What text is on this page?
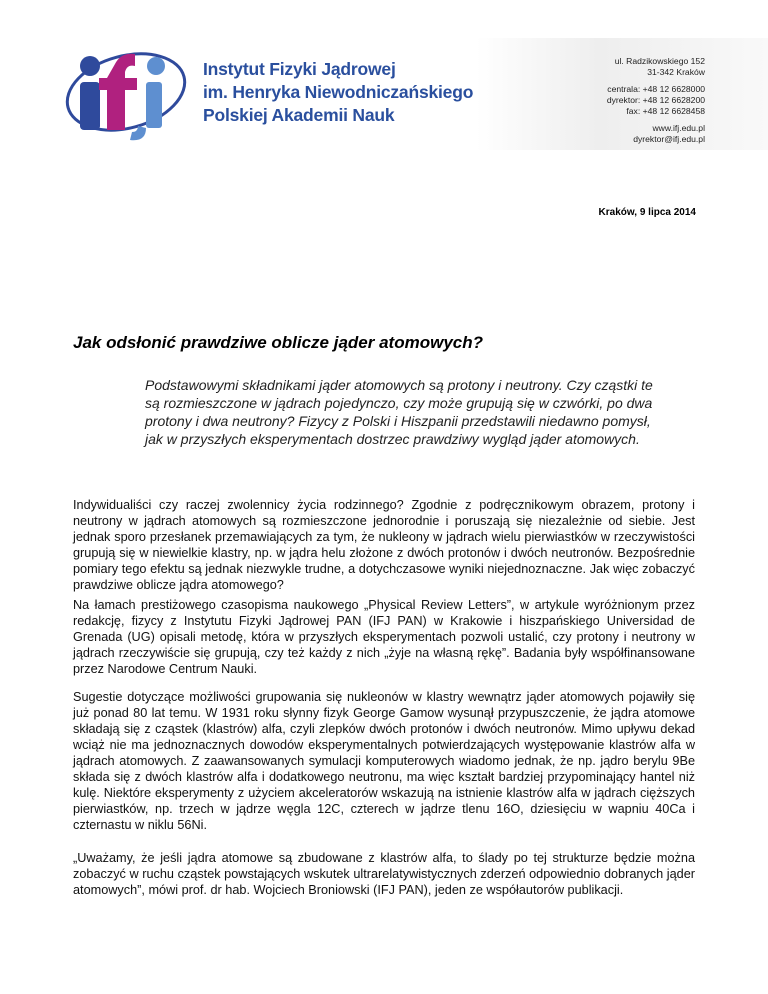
Instytut Fizyki Jądrowej
im. Henryka Niewodniczańskiego
Polskiej Akademii Nauk
ul. Radzikowskiego 152
31-342 Kraków
centrala: +48 12 6628000
dyrektor: +48 12 6628200
fax: +48 12 6628458
www.ifj.edu.pl
dyrektor@ifj.edu.pl
Kraków, 9 lipca 2014
Jak odsłonić prawdziwe oblicze jąder atomowych?
Podstawowymi składnikami jąder atomowych są protony i neutrony. Czy cząstki te są rozmieszczone w jądrach pojedynczo, czy może grupują się w czwórki, po dwa protony i dwa neutrony? Fizycy z Polski i Hiszpanii przedstawili niedawno pomysł, jak w przyszłych eksperymentach dostrzec prawdziwy wygląd jąder atomowych.
Indywidualiści czy raczej zwolennicy życia rodzinnego? Zgodnie z podręcznikowym obrazem, protony i neutrony w jądrach atomowych są rozmieszczone jednorodnie i poruszają się niezależnie od siebie. Jest jednak sporo przesłanek przemawiających za tym, że nukleony w jądrach wielu pierwiastków w rzeczywistości grupują się w niewielkie klastry, np. w jądra helu złożone z dwóch protonów i dwóch neutronów. Bezpośrednie pomiary tego efektu są jednak niezwykle trudne, a dotychczasowe wyniki niejednoznaczne. Jak więc zobaczyć prawdziwe oblicze jądra atomowego?
Na łamach prestiżowego czasopisma naukowego „Physical Review Letters”, w artykule wyróżnionym przez redakcję, fizycy z Instytutu Fizyki Jądrowej PAN (IFJ PAN) w Krakowie i hiszpańskiego Universidad de Grenada (UG) opisali metodę, która w przyszłych eksperymentach pozwoli ustalić, czy protony i neutrony w jądrach rzeczywiście się grupują, czy też każdy z nich „żyje na własną rękę”. Badania były współfinansowane przez Narodowe Centrum Nauki.
Sugestie dotyczące możliwości grupowania się nukleonów w klastry wewnątrz jąder atomowych pojawiły się już ponad 80 lat temu. W 1931 roku słynny fizyk George Gamow wysunął przypuszczenie, że jądra atomowe składają się z cząstek (klastrów) alfa, czyli zlepków dwóch protonów i dwóch neutronów. Mimo upływu dekad wciąż nie ma jednoznacznych dowodów eksperymentalnych potwierdzających występowanie klastrów alfa w jądrach atomowych. Z zaawansowanych symulacji komputerowych wiadomo jednak, że np. jądro berylu 9Be składa się z dwóch klastrów alfa i dodatkowego neutronu, ma więc kształt bardziej przypominający hantel niż kulę. Niektóre eksperymenty z użyciem akceleratorów wskazują na istnienie klastrów alfa w jądrach cięższych pierwiastków, np. trzech w jądrze węgla 12C, czterech w jądrze tlenu 16O, dziesięciu w wapniu 40Ca i czternastu w niklu 56Ni.
„Uważamy, że jeśli jądra atomowe są zbudowane z klastrów alfa, to ślady po tej strukturze będzie można zobaczyć w ruchu cząstek powstających wskutek ultrarelatywistycznych zderzeń odpowiednio dobranych jąder atomowych”, mówi prof. dr hab. Wojciech Broniowski (IFJ PAN), jeden ze współautorów publikacji.
